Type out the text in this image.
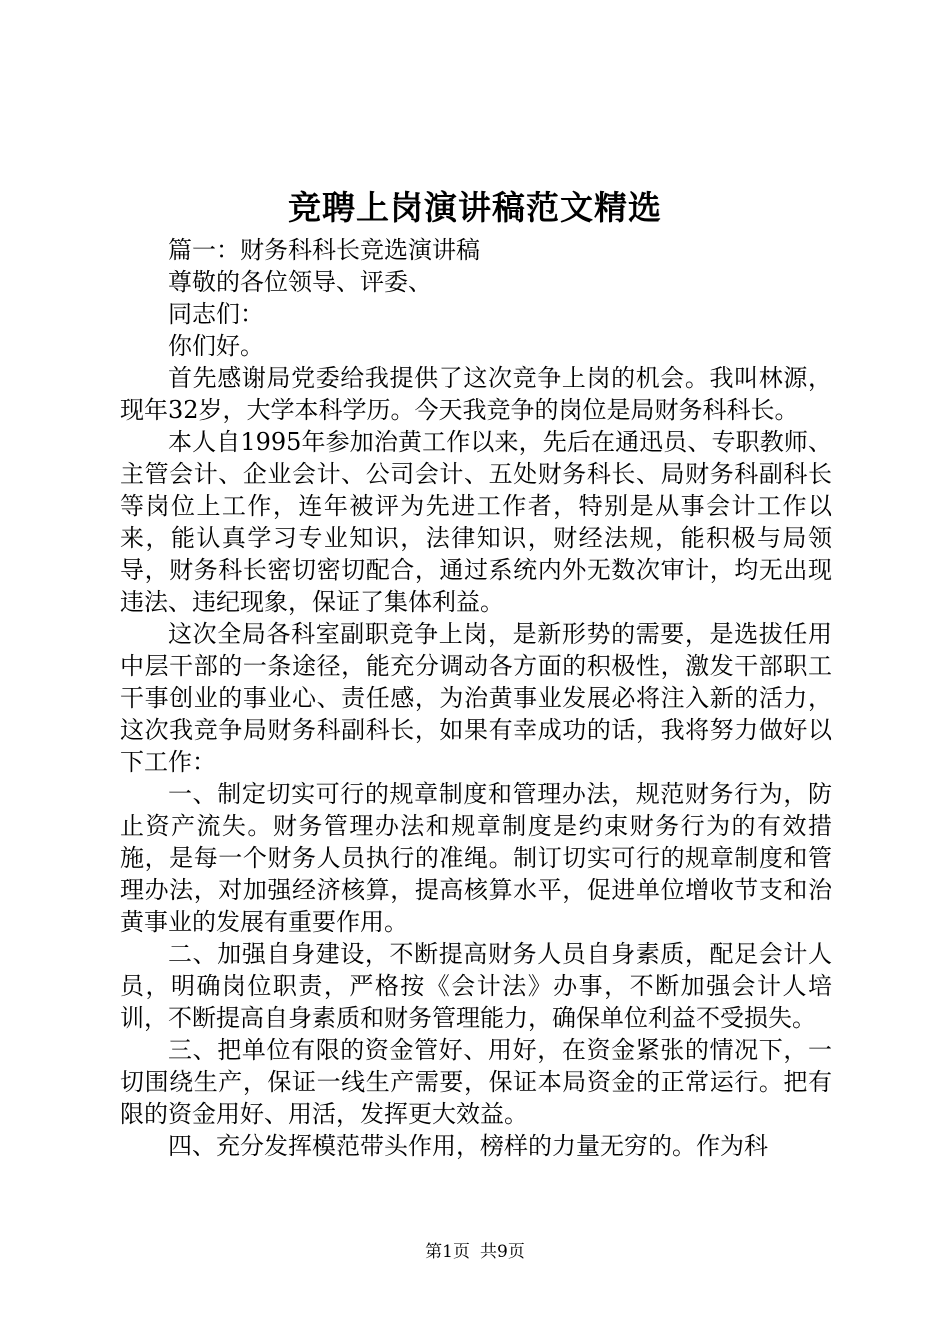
竞聘上岗演讲稿范文精选

篇一：财务科科长竞选演讲稿

尊敬的各位领导、评委、

同志们：

你们好。

首先感谢局党委给我提供了这次竞争上岗的机会。我叫林源，现年32岁，大学本科学历。今天我竞争的岗位是局财务科科长。

本人自1995年参加治黄工作以来，先后在通迅员、专职教师、主管会计、企业会计、公司会计、五处财务科长、局财务科副科长等岗位上工作，连年被评为先进工作者，特别是从事会计工作以来，能认真学习专业知识，法律知识，财经法规，能积极与局领导，财务科长密切密切配合，通过系统内外无数次审计，均无出现违法、违纪现象，保证了集体利益。

这次全局各科室副职竞争上岗，是新形势的需要，是选拔任用中层干部的一条途径，能充分调动各方面的积极性，激发干部职工干事创业的事业心、责任感，为治黄事业发展必将注入新的活力，这次我竞争局财务科副科长，如果有幸成功的话，我将努力做好以下工作：

一、制定切实可行的规章制度和管理办法，规范财务行为，防止资产流失。财务管理办法和规章制度是约束财务行为的有效措施，是每一个财务人员执行的准绳。制订切实可行的规章制度和管理办法，对加强经济核算，提高核算水平，促进单位增收节支和治黄事业的发展有重要作用。

二、加强自身建设，不断提高财务人员自身素质，配足会计人员，明确岗位职责，严格按《会计法》办事，不断加强会计人培训，不断提高自身素质和财务管理能力，确保单位利益不受损失。

三、把单位有限的资金管好、用好，在资金紧张的情况下，一切围绕生产，保证一线生产需要，保证本局资金的正常运行。把有限的资金用好、用活，发挥更大效益。

四、充分发挥模范带头作用，榜样的力量无穷的。作为科

第1页 共9页
